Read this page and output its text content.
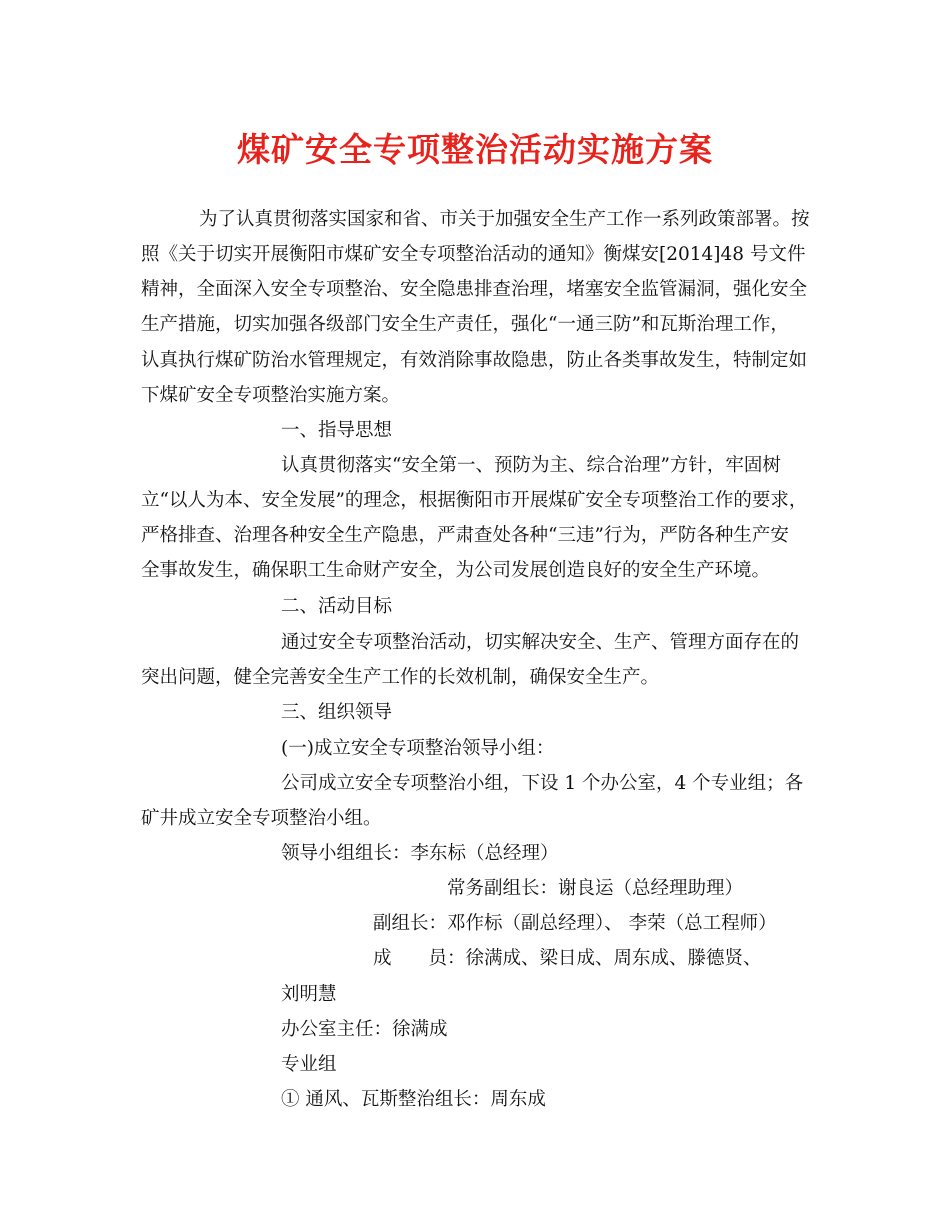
煤矿安全专项整治活动实施方案
为了认真贯彻落实国家和省、市关于加强安全生产工作一系列政策部署。按
照《关于切实开展衡阳市煤矿安全专项整治活动的通知》衡煤安[2014]48 号文件
精神，全面深入安全专项整治、安全隐患排查治理，堵塞安全监管漏洞，强化安全
生产措施，切实加强各级部门安全生产责任，强化“一通三防”和瓦斯治理工作，
认真执行煤矿防治水管理规定，有效消除事故隐患，防止各类事故发生，特制定如
下煤矿安全专项整治实施方案。
一、指导思想
认真贯彻落实“安全第一、预防为主、综合治理”方针，牢固树
立“以人为本、安全发展”的理念，根据衡阳市开展煤矿安全专项整治工作的要求，
严格排查、治理各种安全生产隐患，严肃查处各种“三违”行为，严防各种生产安
全事故发生，确保职工生命财产安全，为公司发展创造良好的安全生产环境。
二、活动目标
通过安全专项整治活动，切实解决安全、生产、管理方面存在的
突出问题，健全完善安全生产工作的长效机制，确保安全生产。
三、组织领导
(一)成立安全专项整治领导小组：
公司成立安全专项整治小组，下设 1 个办公室，4 个专业组；各
矿井成立安全专项整治小组。
领导小组组长：李东标（总经理）
常务副组长：谢良运（总经理助理）
副组长：邓作标（副总经理）、 李荣（总工程师）
成　　员：徐满成、梁日成、周东成、滕德贤、
刘明慧
办公室主任：徐满成
专业组
① 通风、瓦斯整治组长：周东成
